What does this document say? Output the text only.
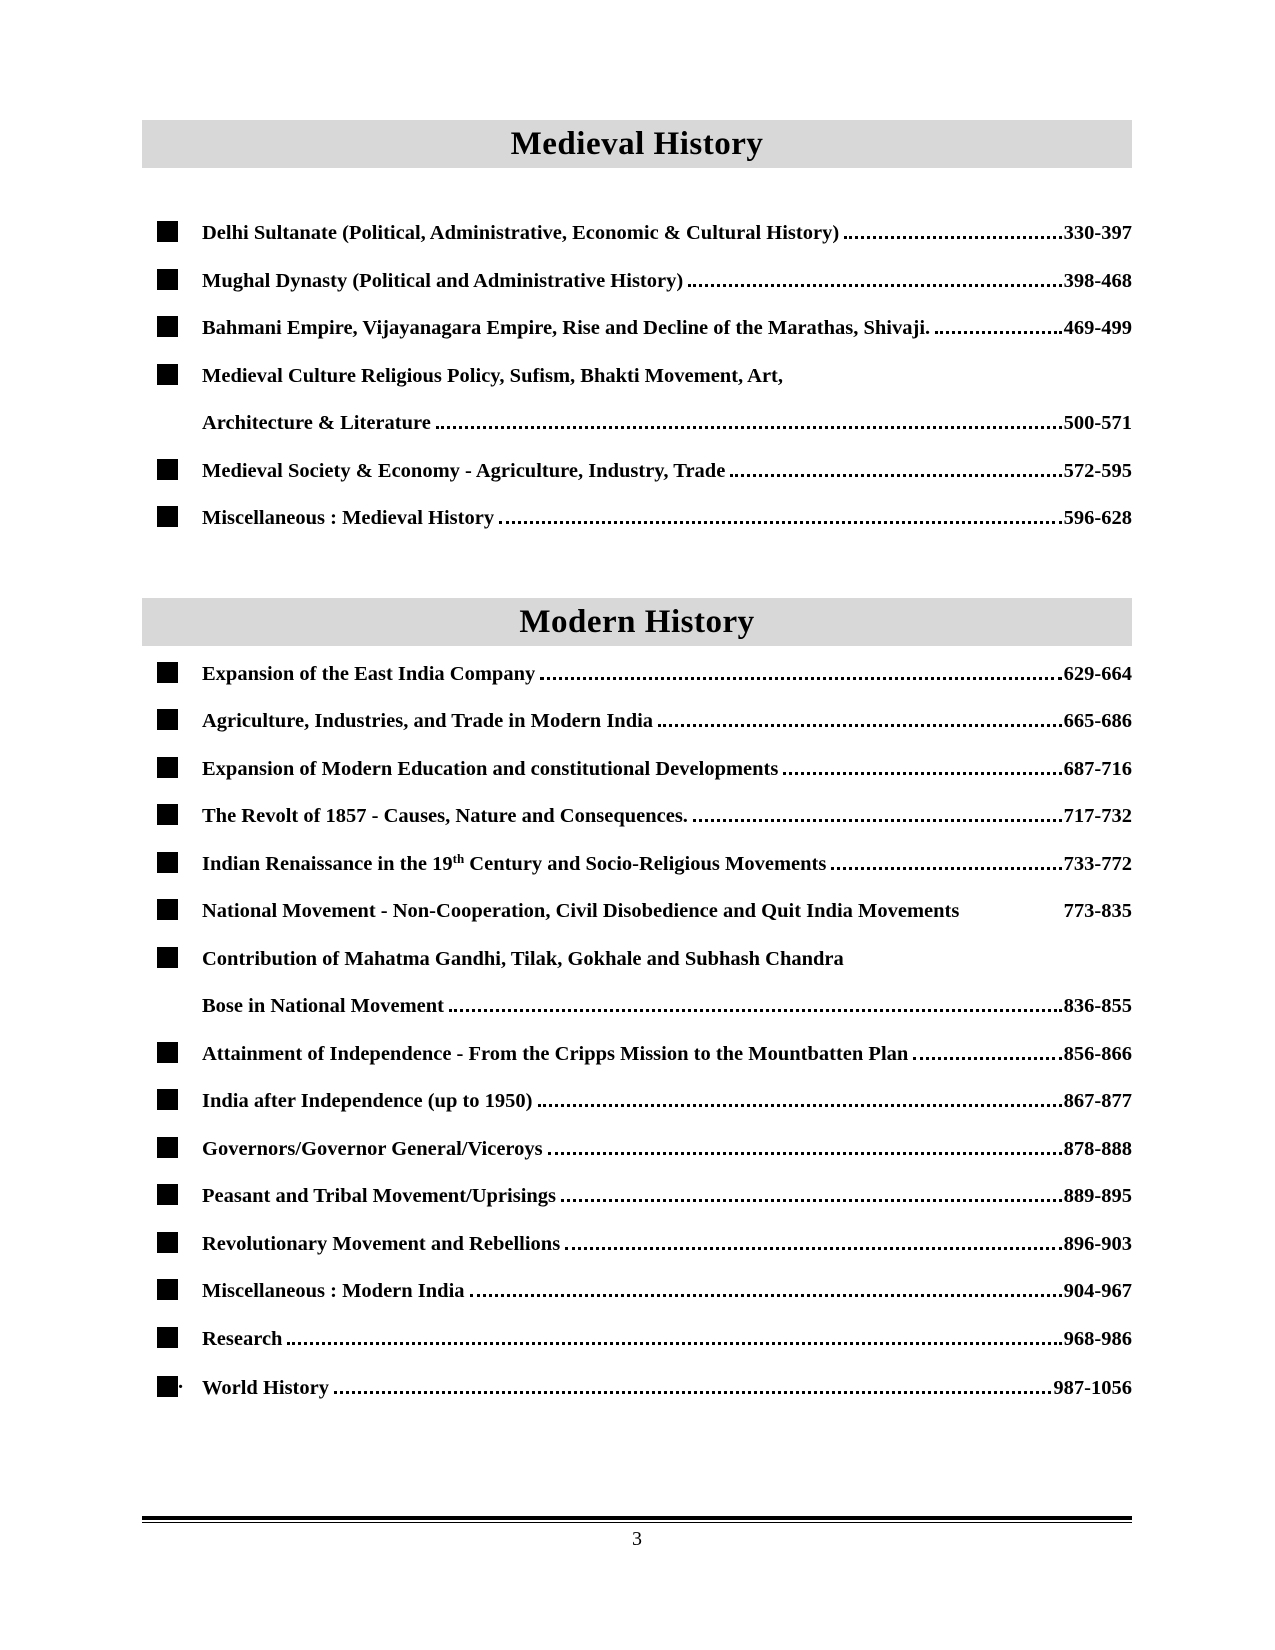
Medieval History
Delhi Sultanate (Political, Administrative, Economic & Cultural History)	330-397
Mughal Dynasty (Political and Administrative History)	398-468
Bahmani Empire, Vijayanagara Empire, Rise and Decline of the Marathas, Shivaji.	469-499
Medieval Culture Religious Policy, Sufism, Bhakti Movement, Art,
Architecture & Literature	500-571
Medieval Society & Economy - Agriculture, Industry, Trade	572-595
Miscellaneous : Medieval History	596-628
Modern History
Expansion of the East India Company	629-664
Agriculture, Industries, and Trade in Modern India	665-686
Expansion of Modern Education and constitutional Developments	687-716
The Revolt of 1857 - Causes, Nature and Consequences.	717-732
Indian Renaissance in the 19th Century and Socio-Religious Movements	733-772
National Movement - Non-Cooperation, Civil Disobedience and Quit India Movements	773-835
Contribution of Mahatma Gandhi, Tilak, Gokhale and Subhash Chandra
Bose in National Movement	836-855
Attainment of Independence - From the Cripps Mission to the Mountbatten Plan	856-866
India after Independence (up to 1950)	867-877
Governors/Governor General/Viceroys	878-888
Peasant and Tribal Movement/Uprisings	889-895
Revolutionary Movement and Rebellions	896-903
Miscellaneous : Modern India	904-967
Research	968-986
. World History	987-1056
3
